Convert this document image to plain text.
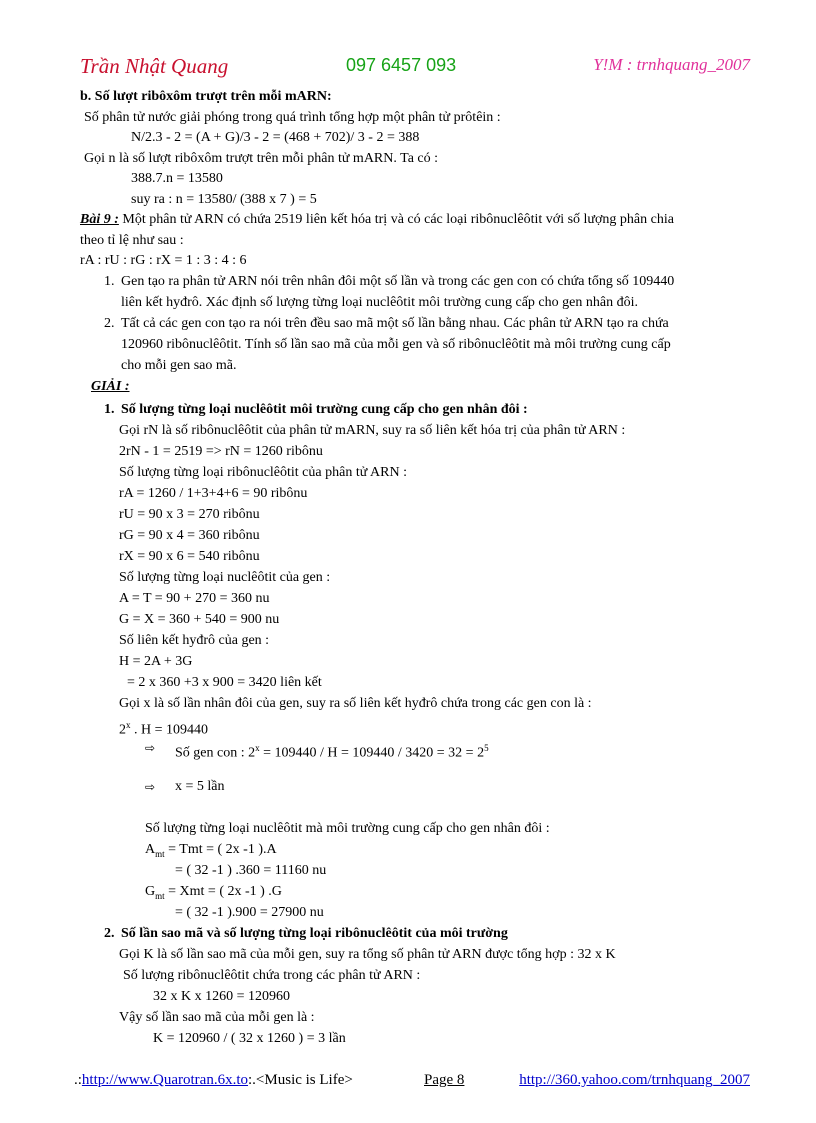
Trần Nhật Quang	097 6457 093	Y!M : trnhquang_2007
b. Số lượt ribôxôm trượt trên mỗi mARN:
Số phân tử nước giải phóng trong quá trình tổng hợp một phân tử prôtêin :
N/2.3 - 2 = (A + G)/3 - 2 = (468 + 702)/ 3 - 2 = 388
Gọi n là số lượt ribôxôm trượt trên mỗi phân tử mARN. Ta có :
388.7.n = 13580
suy ra : n = 13580/ (388 x 7 ) = 5
Bài 9 : Một phân tử ARN có chứa 2519 liên kết hóa trị và có các loại ribônuclêôtit với số lượng phân chia
theo tỉ lệ như sau :
rA : rU : rG : rX = 1 : 3 : 4 : 6
1. Gen tạo ra phân tử ARN nói trên nhân đôi một số lần và trong các gen con có chứa tổng số 109440
liên kết hyđrô. Xác định số lượng từng loại nuclêôtit môi trường cung cấp cho gen nhân đôi.
2. Tất cả các gen con tạo ra nói trên đều sao mã một số lần bằng nhau. Các phân tử ARN tạo ra chứa
120960 ribônuclêôtit. Tính số lần sao mã của mỗi gen và số ribônuclêôtit mà môi trường cung cấp
cho mỗi gen sao mã.
GIẢI :
1. Số lượng từng loại nuclêôtit môi trường cung cấp cho gen nhân đôi :
Gọi rN là số ribônuclêôtit của phân tử mARN, suy ra số liên kết hóa trị của phân tử ARN :
2rN - 1 = 2519 => rN = 1260 ribônu
Số lượng từng loại ribônuclêôtit của phân tử ARN :
rA = 1260 / 1+3+4+6 = 90 ribônu
rU = 90 x 3 = 270 ribônu
rG = 90 x 4 = 360 ribônu
rX = 90 x 6 = 540 ribônu
Số lượng từng loại nuclêôtit của gen :
A = T = 90 + 270 = 360 nu
G = X = 360 + 540 = 900 nu
Số liên kết hyđrô của gen :
H = 2A + 3G
= 2 x 360 +3 x 900 = 3420 liên kết
Gọi x là số lần nhân đôi của gen, suy ra số liên kết hyđrô chứa trong các gen con là :
2$^x$ . H = 109440
⇨ Số gen con : $2^x = 109440 / H = 109440 / 3420 = 32 = 2^5$
⇨ x = 5 lần
Số lượng từng loại nuclêôtit mà môi trường cung cấp cho gen nhân đôi :
$A_{mt}$ = Tmt = ( 2x -1 ).A
= ( 32 -1 ) .360 = 11160 nu
$G_{mt}$ = Xmt = ( 2x -1 ) .G
= ( 32 -1 ).900 = 27900 nu
2. Số lần sao mã và số lượng từng loại ribônuclêôtit của môi trường
Gọi K là số lần sao mã của mỗi gen, suy ra tổng số phân tử ARN được tổng hợp : 32 x K
Số lượng ribônuclêôtit chứa trong các phân tử ARN :
32 x K x 1260 = 120960
Vậy số lần sao mã của mỗi gen là :
K = 120960 / ( 32 x 1260 ) = 3 lần
.:http://www.Quarotran.6x.to:.<Music is Life>	Page 8	http://360.yahoo.com/trnhquang_2007
